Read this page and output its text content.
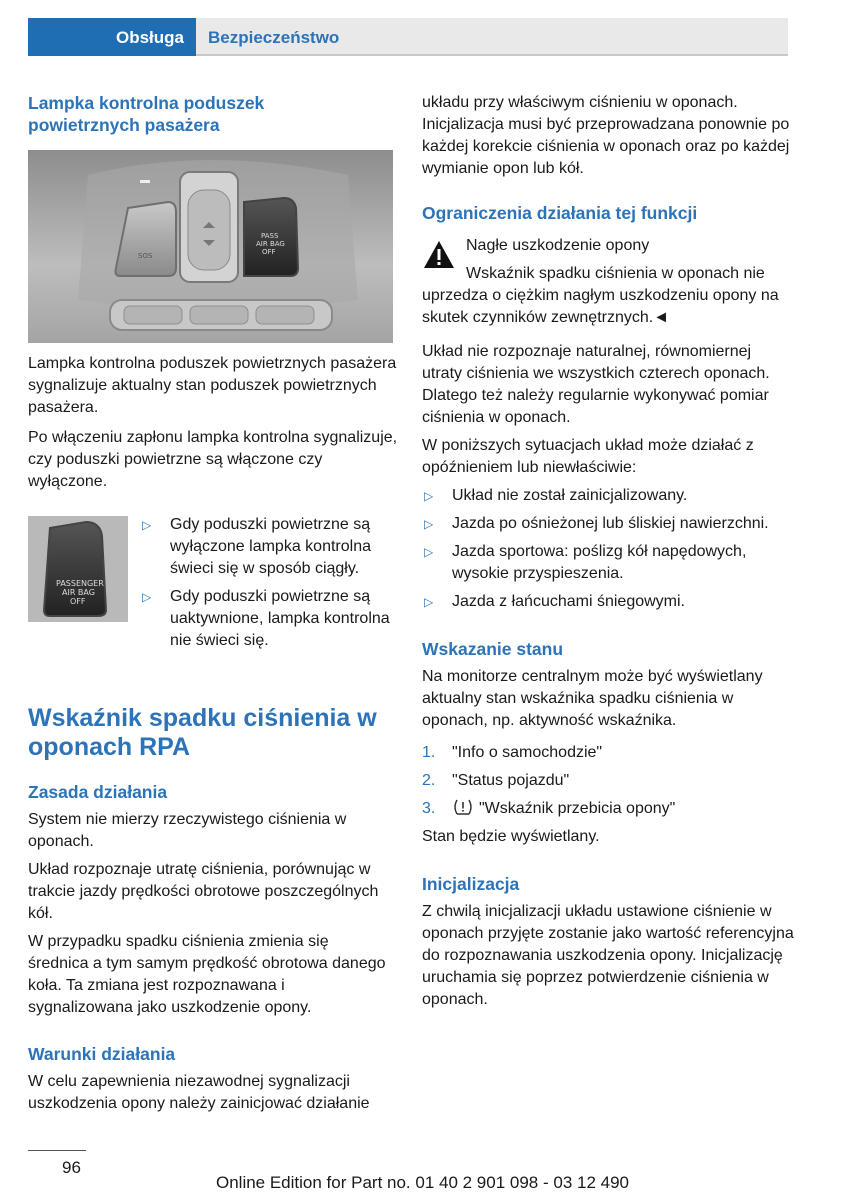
Obsługa	Bezpieczeństwo
Lampka kontrolna poduszek powietrznych pasażera
SOS
PASS
AIR BAG
OFF

Lampka kontrolna poduszek powietrznych pasażera sygnalizuje aktualny stan poduszek powietrznych pasażera.

Po włączeniu zapłonu lampka kontrolna sygnalizuje, czy poduszki powietrzne są włączone czy wyłączone.

PASSENGER
AIR BAG
OFF
▷ Gdy poduszki powietrzne są wyłączone lampka kontrolna świeci się w sposób ciągły.
▷ Gdy poduszki powietrzne są uaktywnione, lampka kontrolna nie świeci się.
Wskaźnik spadku ciśnienia w oponach RPA
Zasada działania

System nie mierzy rzeczywistego ciśnienia w oponach.

Układ rozpoznaje utratę ciśnienia, porównując w trakcie jazdy prędkości obrotowe poszczególnych kół.

W przypadku spadku ciśnienia zmienia się średnica a tym samym prędkość obrotowa danego koła. Ta zmiana jest rozpoznawana i sygnalizowana jako uszkodzenie opony.

Warunki działania

W celu zapewnienia niezawodnej sygnalizacji uszkodzenia opony należy zainicjować działanie

układu przy właściwym ciśnieniu w oponach. Inicjalizacja musi być przeprowadzana ponownie po każdej korekcie ciśnienia w oponach oraz po każdej wymianie opon lub kół.

Ograniczenia działania tej funkcji

Nagłe uszkodzenie opony

Wskaźnik spadku ciśnienia w oponach nie uprzedza o ciężkim nagłym uszkodzeniu opony na skutek czynników zewnętrznych.◄

Układ nie rozpoznaje naturalnej, równomiernej utraty ciśnienia we wszystkich czterech oponach. Dlatego też należy regularnie wykonywać pomiar ciśnienia w oponach.

W poniższych sytuacjach układ może działać z opóźnieniem lub niewłaściwie:

▷ Układ nie został zainicjalizowany.
▷ Jazda po ośnieżonej lub śliskiej nawierzchni.
▷ Jazda sportowa: poślizg kół napędowych, wysokie przyspieszenia.
▷ Jazda z łańcuchami śniegowymi.
Wskazanie stanu

Na monitorze centralnym może być wyświetlany aktualny stan wskaźnika spadku ciśnienia w oponach, np. aktywność wskaźnika.

1. "Info o samochodzie"
2. "Status pojazdu"
3.	"Wskaźnik przebicia opony"

Stan będzie wyświetlany.

Inicjalizacja

Z chwilą inicjalizacji układu ustawione ciśnienie w oponach przyjęte zostanie jako wartość referencyjna do rozpoznawania uszkodzenia opony. Inicjalizację uruchamia się poprzez potwierdzenie ciśnienia w oponach.

96
Online Edition for Part no. 01 40 2 901 098 - 03 12 490
